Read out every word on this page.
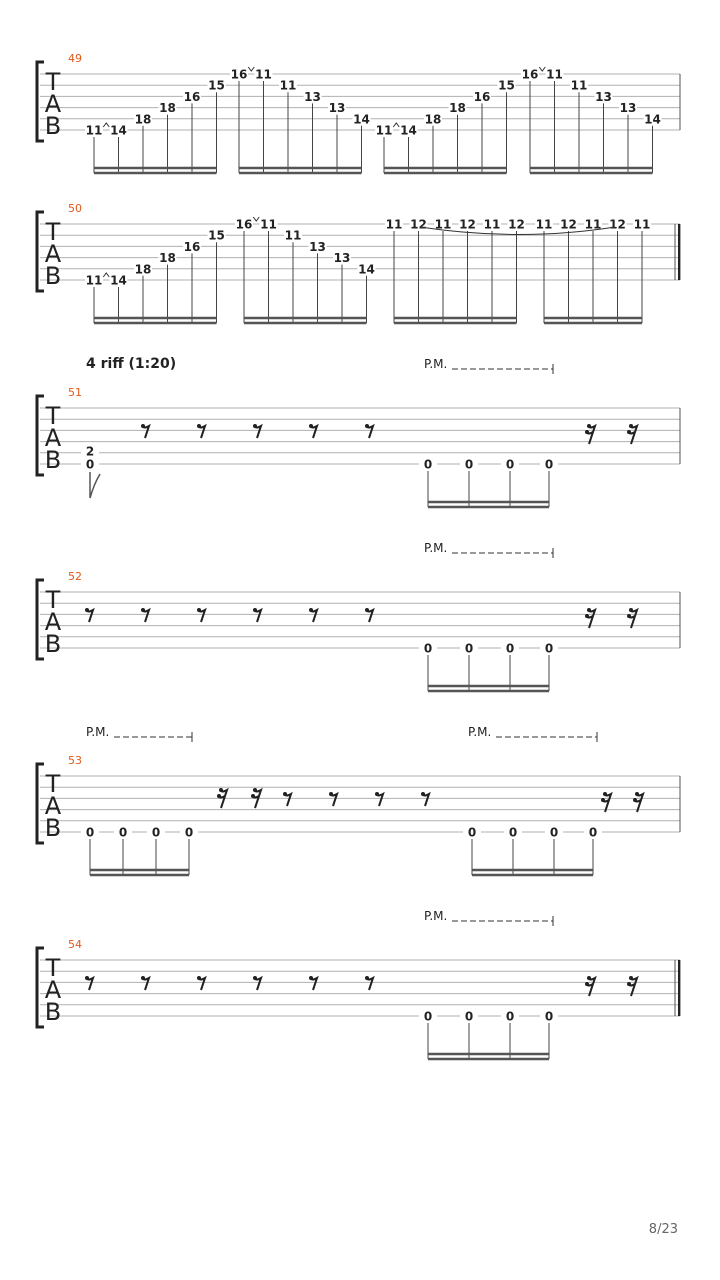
4 riff (1:20)
T
A
B
49
11 14
18
18
16
15
16 11
11
13
13
14
11 14
18
18
16
15
16 11
11
13
13
14
T
A
B
50
11 14
18
18
16
15
16 11
11
13
13
14
11 12 11 12 11 12 11 12 11 12 11
T
A
B
51
2
0
P.M.
0	0	0	0
T
A
B
52
P.M.
0	0	0	0
T
A
B
53
P.M.
0 0 0 0
P.M.
0	0	0	0
T
A
B
54
P.M.
0	0	0	0
8/23
